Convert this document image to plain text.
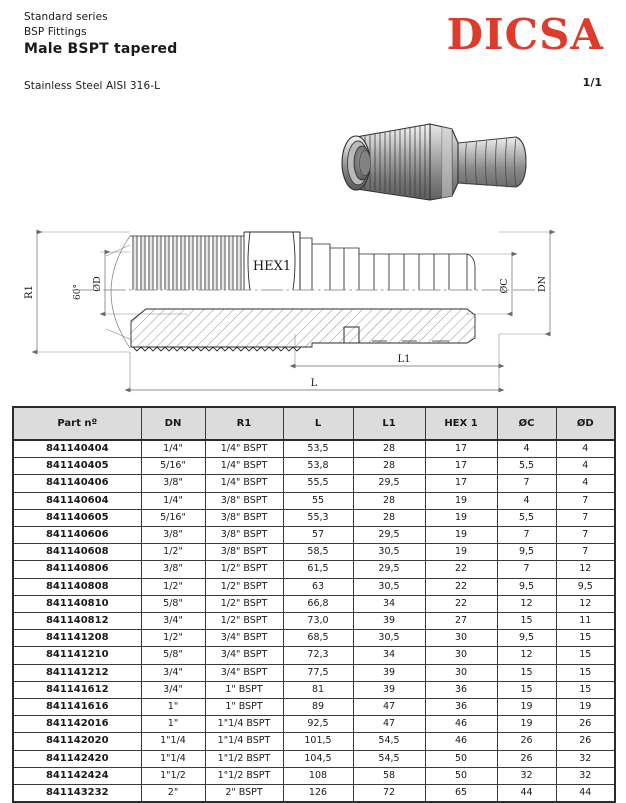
Standard series
BSP Fittings
Male BSPT tapered
Stainless Steel AISI 316-L
DICSA
1/1
R1	60°
ØD
HEX1
ØC	DN
L1
L
Part nº	DN	R1	L	L1	HEX 1	ØC	ØD
841140404	1/4"	1/4" BSPT	53,5	28	17	4	4
841140405	5/16"	1/4" BSPT	53,8	28	17	5,5	4
841140406	3/8"	1/4" BSPT	55,5	29,5	17	7	4
841140604	1/4"	3/8" BSPT	55	28	19	4	7
841140605	5/16"	3/8" BSPT	55,3	28	19	5,5	7
841140606	3/8"	3/8" BSPT	57	29,5	19	7	7
841140608	1/2"	3/8" BSPT	58,5	30,5	19	9,5	7
841140806	3/8"	1/2" BSPT	61,5	29,5	22	7	12
841140808	1/2"	1/2" BSPT	63	30,5	22	9,5	9,5
841140810	5/8"	1/2" BSPT	66,8	34	22	12	12
841140812	3/4"	1/2" BSPT	73,0	39	27	15	11
841141208	1/2"	3/4" BSPT	68,5	30,5	30	9,5	15
841141210	5/8"	3/4" BSPT	72,3	34	30	12	15
841141212	3/4"	3/4" BSPT	77,5	39	30	15	15
841141612	3/4"	1" BSPT	81	39	36	15	15
841141616	1"	1" BSPT	89	47	36	19	19
841142016	1"	1"1/4 BSPT	92,5	47	46	19	26
841142020	1"1/4	1"1/4 BSPT	101,5	54,5	46	26	26
841142420	1"1/4	1"1/2 BSPT	104,5	54,5	50	26	32
841142424	1"1/2	1"1/2 BSPT	108	58	50	32	32
841143232	2"	2" BSPT	126	72	65	44	44
